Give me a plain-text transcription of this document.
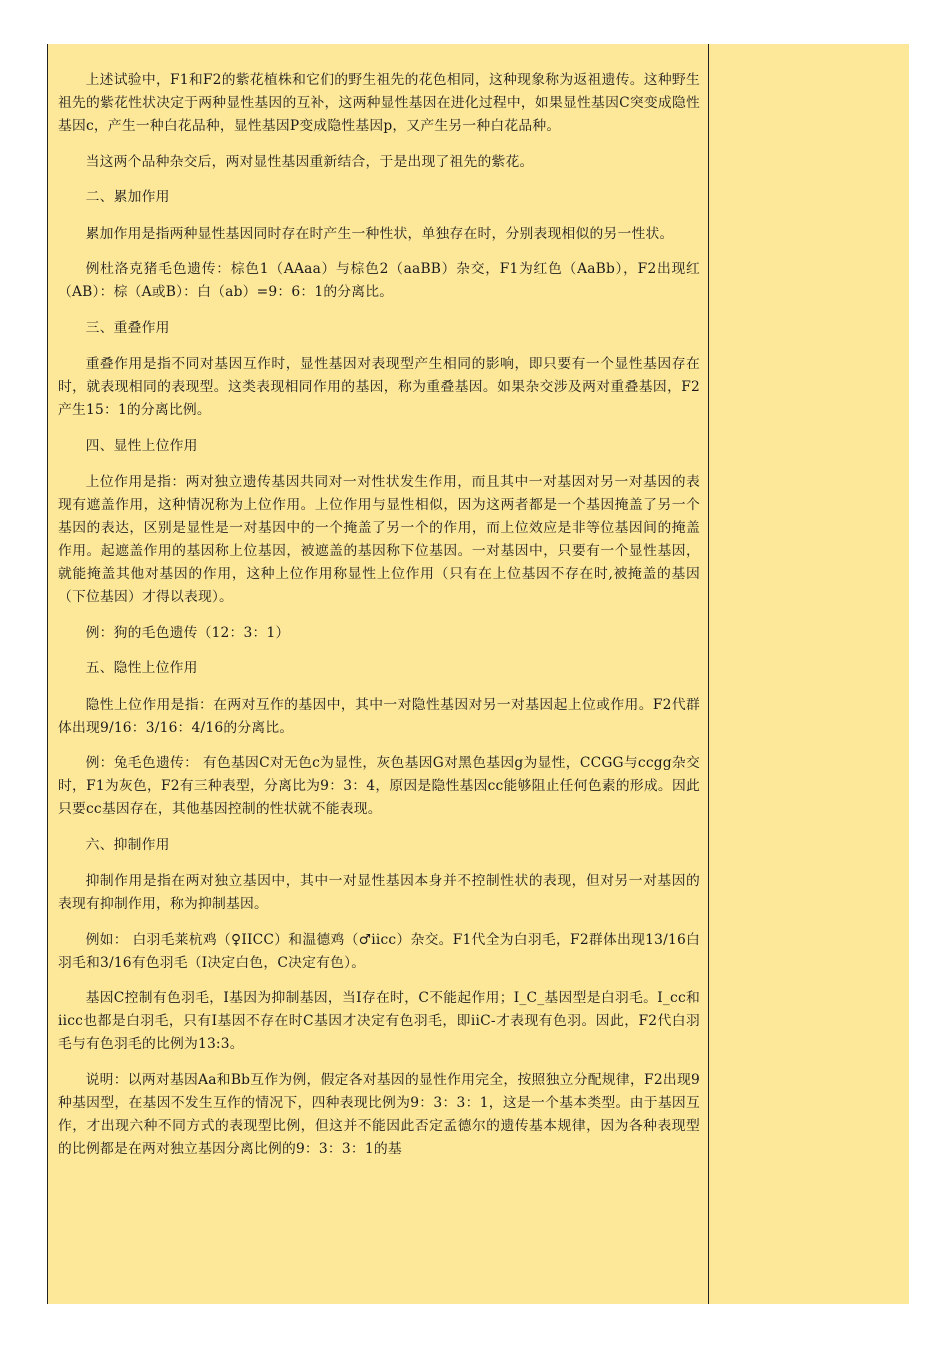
上述试验中，F1和F2的紫花植株和它们的野生祖先的花色相同，这种现象称为返祖遗传。这种野生祖先的紫花性状决定于两种显性基因的互补，这两种显性基因在进化过程中，如果显性基因C突变成隐性基因c，产生一种白花品种，显性基因P变成隐性基因p，又产生另一种白花品种。

当这两个品种杂交后，两对显性基因重新结合，于是出现了祖先的紫花。

二、累加作用

累加作用是指两种显性基因同时存在时产生一种性状，单独存在时，分别表现相似的另一性状。

例杜洛克猪毛色遗传：棕色1（AAaa）与棕色2（aaBB）杂交，F1为红色（AaBb），F2出现红（AB）：棕（A或B）：白（ab）=9：6：1的分离比。

三、重叠作用

重叠作用是指不同对基因互作时，显性基因对表现型产生相同的影响，即只要有一个显性基因存在时，就表现相同的表现型。这类表现相同作用的基因，称为重叠基因。如果杂交涉及两对重叠基因，F2产生15：1的分离比例。

四、显性上位作用

上位作用是指：两对独立遗传基因共同对一对性状发生作用，而且其中一对基因对另一对基因的表现有遮盖作用，这种情况称为上位作用。上位作用与显性相似，因为这两者都是一个基因掩盖了另一个基因的表达，区别是显性是一对基因中的一个掩盖了另一个的作用，而上位效应是非等位基因间的掩盖作用。起遮盖作用的基因称上位基因，被遮盖的基因称下位基因。一对基因中，只要有一个显性基因，就能掩盖其他对基因的作用，这种上位作用称显性上位作用（只有在上位基因不存在时,被掩盖的基因（下位基因）才得以表现）。

例：狗的毛色遗传（12：3：1）

五、隐性上位作用

隐性上位作用是指：在两对互作的基因中，其中一对隐性基因对另一对基因起上位或作用。F2代群体出现9/16：3/16：4/16的分离比。

例：兔毛色遗传： 有色基因C对无色c为显性，灰色基因G对黑色基因g为显性，CCGG与ccgg杂交时，F1为灰色，F2有三种表型，分离比为9：3：4，原因是隐性基因cc能够阻止任何色素的形成。因此只要cc基因存在，其他基因控制的性状就不能表现。

六、抑制作用

抑制作用是指在两对独立基因中，其中一对显性基因本身并不控制性状的表现，但对另一对基因的表现有抑制作用，称为抑制基因。

例如： 白羽毛莱杭鸡（♀IICC）和温德鸡（♂iicc）杂交。F1代全为白羽毛，F2群体出现13/16白羽毛和3/16有色羽毛（I决定白色，C决定有色）。

基因C控制有色羽毛，I基因为抑制基因，当I存在时，C不能起作用；I_C_基因型是白羽毛。I_cc和iicc也都是白羽毛，只有I基因不存在时C基因才决定有色羽毛，即iiC-才表现有色羽。因此，F2代白羽毛与有色羽毛的比例为13:3。

说明：以两对基因Aa和Bb互作为例，假定各对基因的显性作用完全，按照独立分配规律，F2出现9种基因型，在基因不发生互作的情况下，四种表现比例为9：3：3：1，这是一个基本类型。由于基因互作，才出现六种不同方式的表现型比例，但这并不能因此否定孟德尔的遗传基本规律，因为各种表现型的比例都是在两对独立基因分离比例的9：3：3：1的基
